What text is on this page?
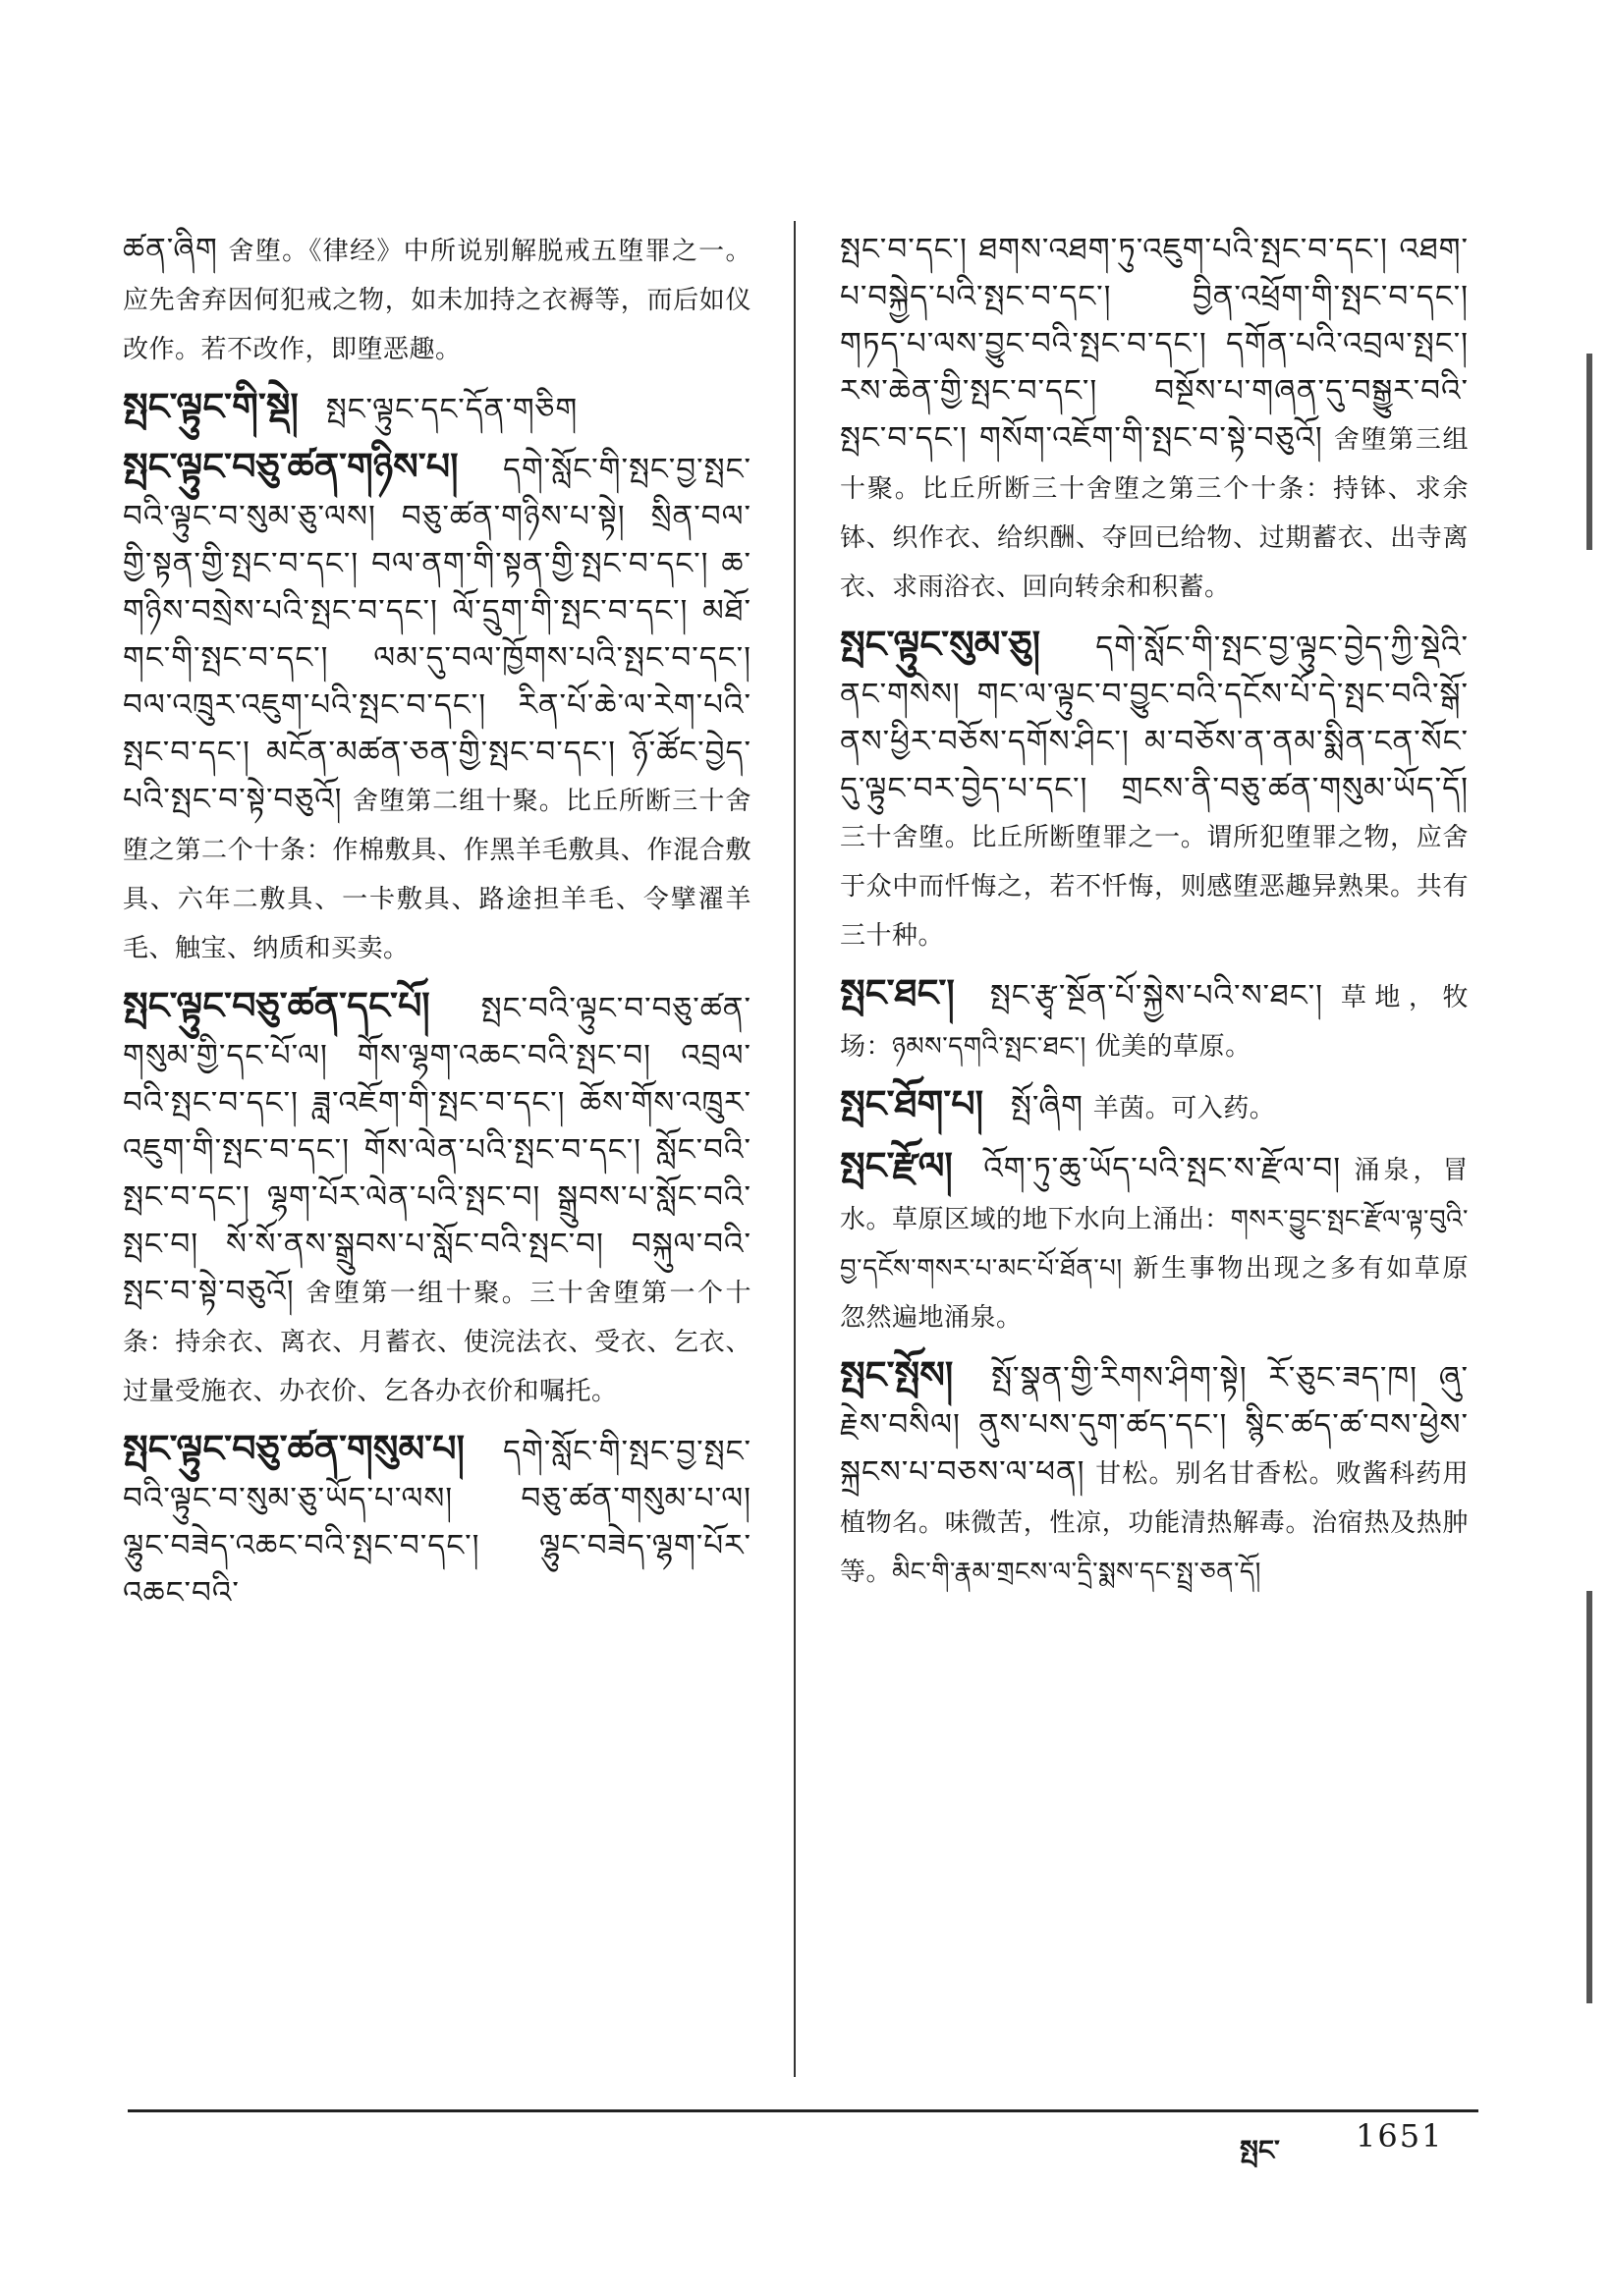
ཚན་ཞིག 舍堕。《律经》中所说别解脱戒五堕罪之一。应先舍弃因何犯戒之物，如未加持之衣褥等，而后如仪改作。若不改作，即堕恶趣。
སྤང་ལྟུང་གི་སྡེ། སྤང་ལྟུང་དང་དོན་གཅིག
སྤང་ལྟུང་བཅུ་ཚན་གཉིས་པ། དགེ་སློང་གི་སྤང་བྱ་སྤང་བའི་ལྟུང་བ་སུམ་ཅུ་ལས། བཅུ་ཚན་གཉིས་པ་སྟེ། སྲིན་བལ་གྱི་སྟན་གྱི་སྤང་བ་དང་། བལ་ནག་གི་སྟན་གྱི་སྤང་བ་དང་། ཆ་གཉིས་བསྲེས་པའི་སྤང་བ་དང་། ལོ་དྲུག་གི་སྤང་བ་དང་། མཐོ་གང་གི་སྤང་བ་དང་། ལམ་དུ་བལ་ཁྱོགས་པའི་སྤང་བ་དང་། བལ་འཁྲུར་འཇུག་པའི་སྤང་བ་དང་། རིན་པོ་ཆེ་ལ་རེག་པའི་སྤང་བ་དང་། མངོན་མཚན་ཅན་གྱི་སྤང་བ་དང་། ཉོ་ཚོང་བྱེད་པའི་སྤང་བ་སྟེ་བཅུའོ། 舍堕第二组十聚。比丘所断三十舍堕之第二个十条：作棉敷具、作黑羊毛敷具、作混合敷具、六年二敷具、一卡敷具、路途担羊毛、令擘濯羊毛、触宝、纳质和买卖。
སྤང་ལྟུང་བཅུ་ཚན་དང་པོ། སྤང་བའི་ལྟུང་བ་བཅུ་ཚན་གསུམ་གྱི་དང་པོ་ལ། གོས་ལྷག་འཆང་བའི་སྤང་བ། འབྲལ་བའི་སྤང་བ་དང་། ཟླ་འཇོག་གི་སྤང་བ་དང་། ཆོས་གོས་འཁྲུར་འཇུག་གི་སྤང་བ་དང་། གོས་ལེན་པའི་སྤང་བ་དང་། སློང་བའི་སྤང་བ་དང་། ལྷག་པོར་ལེན་པའི་སྤང་བ། སྒྲུབས་པ་སློང་བའི་སྤང་བ། སོ་སོ་ནས་སྒྲུབས་པ་སློང་བའི་སྤང་བ། བསྐུལ་བའི་སྤང་བ་སྟེ་བཅུའོ། 舍堕第一组十聚。三十舍堕第一个十条：持余衣、离衣、月蓄衣、使浣法衣、受衣、乞衣、过量受施衣、办衣价、乞各办衣价和嘱托。
སྤང་ལྟུང་བཅུ་ཚན་གསུམ་པ། དགེ་སློང་གི་སྤང་བྱ་སྤང་བའི་ལྟུང་བ་སུམ་ཅུ་ཡོད་པ་ལས། བཅུ་ཚན་གསུམ་པ་ལ། ལྷུང་བཟེད་འཆང་བའི་སྤང་བ་དང་། ལྷུང་བཟེད་ལྷག་པོར་འཆང་བའི་
སྤང་བ་དང་། ཐགས་འཐག་ཏུ་འཇུག་པའི་སྤང་བ་དང་། འཐག་པ་བསྐྱེད་པའི་སྤང་བ་དང་། བྱིན་འཕྲོག་གི་སྤང་བ་དང་། གཏད་པ་ལས་བྱུང་བའི་སྤང་བ་དང་། དགོན་པའི་འབྲལ་སྤང་། རས་ཆེན་གྱི་སྤང་བ་དང་། བསྔོས་པ་གཞན་དུ་བསྒྱུར་བའི་སྤང་བ་དང་། གསོག་འཇོག་གི་སྤང་བ་སྟེ་བཅུའོ། 舍堕第三组十聚。比丘所断三十舍堕之第三个十条：持钵、求余钵、织作衣、给织酬、夺回已给物、过期蓄衣、出寺离衣、求雨浴衣、回向转余和积蓄。
སྤང་ལྟུང་སུམ་ཅུ། དགེ་སློང་གི་སྤང་བྱ་ལྟུང་བྱེད་ཀྱི་སྡེའི་ནང་གསེས། གང་ལ་ལྟུང་བ་བྱུང་བའི་དངོས་པོ་དེ་སྤང་བའི་སྒོ་ནས་ཕྱིར་བཅོས་དགོས་ཤིང་། མ་བཅོས་ན་ནམ་སྨིན་ངན་སོང་དུ་ལྟུང་བར་བྱེད་པ་དང་། གྲངས་ནི་བཅུ་ཚན་གསུམ་ཡོད་དོ། 三十舍堕。比丘所断堕罪之一。谓所犯堕罪之物，应舍于众中而忏悔之，若不忏悔，则感堕恶趣异熟果。共有三十种。
སྤང་ཐང་། སྤང་རྩྭ་སྔོན་པོ་སྐྱེས་པའི་ས་ཐང་། 草地，牧场：ཉམས་དགའི་སྤང་ཐང་། 优美的草原。
སྤང་ཐོག་པ། སྤོ་ཞིག 羊茵。可入药。
སྤང་རྫོལ། འོག་ཏུ་ཆུ་ཡོད་པའི་སྤང་ས་རྫོལ་བ། 涌泉，冒水。草原区域的地下水向上涌出：གསར་བྱུང་སྤང་རྫོལ་ལྟ་བུའི་བྱ་དངོས་གསར་པ་མང་པོ་ཐོན་པ། 新生事物出现之多有如草原忽然遍地涌泉。
སྤང་སྤོས། སྤོ་སྣན་གྱི་རིགས་ཤིག་སྟེ། རོ་ཅུང་ཟད་ཁ། ཞུ་རྗེས་བསིལ། ནུས་པས་དུག་ཚད་དང་། སྙིང་ཚད་ཚ་བས་ཕྱེས་སྐྲངས་པ་བཅས་ལ་ཕན། 甘松。别名甘香松。败酱科药用植物名。味微苦，性凉，功能清热解毒。治宿热及热肿等。མིང་གི་རྣམ་གྲངས་ལ་དྲི་སྨས་དང་སྤྲ་ཅན་དོ།
སྤང་ 1651
